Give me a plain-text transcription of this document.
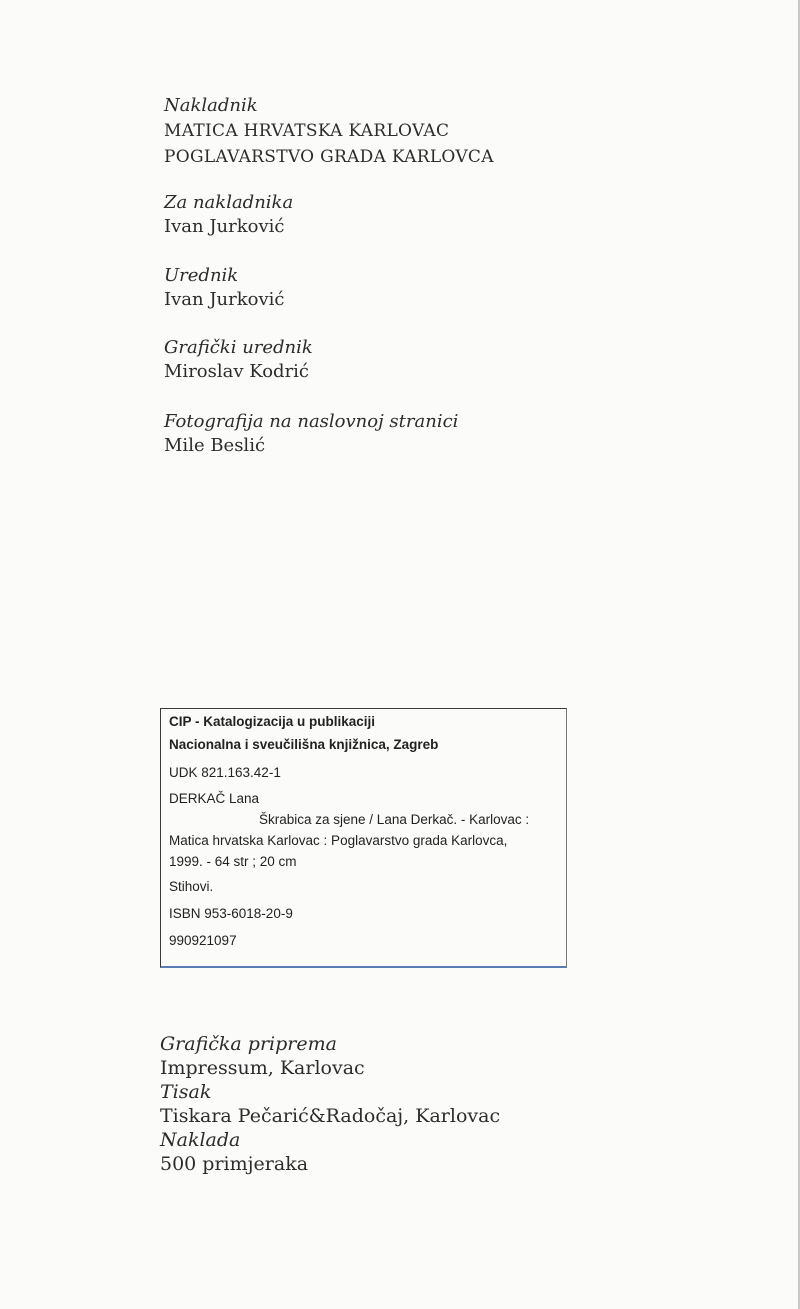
Nakladnik
MATICA HRVATSKA KARLOVAC
POGLAVARSTVO GRADA KARLOVCA
Za nakladnika
Ivan Jurković
Urednik
Ivan Jurković
Grafički urednik
Miroslav Kodrić
Fotografija na naslovnoj stranici
Mile Beslić
CIP - Katalogizacija u publikaciji
Nacionalna i sveučilišna knjižnica, Zagreb
UDK 821.163.42-1
DERKAČ Lana
Škrabica za sjene / Lana Derkač. - Karlovac :
Matica hrvatska Karlovac : Poglavarstvo grada Karlovca,
1999. - 64 str ; 20 cm
Stihovi.
ISBN 953-6018-20-9
990921097
Grafička priprema
Impressum, Karlovac
Tisak
Tiskara Pečarić&Radočaj, Karlovac
Naklada
500 primjeraka
